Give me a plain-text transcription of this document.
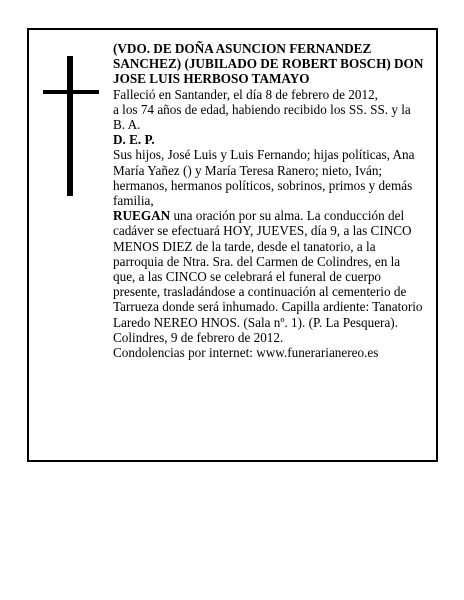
(VDO. DE DOÑA ASUNCION FERNANDEZ SANCHEZ) (JUBILADO DE ROBERT BOSCH) DON JOSE LUIS HERBOSO TAMAYO

Falleció en Santander, el día 8 de febrero de 2012,

a los 74 años de edad, habiendo recibido los SS. SS. y la B. A.

D. E. P.

Sus hijos, José Luis y Luis Fernando; hijas políticas, Ana María Yañez () y María Teresa Ranero; nieto, Iván; hermanos, hermanos políticos, sobrinos, primos y demás familia,

RUEGAN una oración por su alma. La conducción del cadáver se efectuará HOY, JUEVES, día 9, a las CINCO MENOS DIEZ de la tarde, desde el tanatorio, a la parroquia de Ntra. Sra. del Carmen de Colindres, en la que, a las CINCO se celebrará el funeral de cuerpo presente, trasladándose a continuación al cementerio de Tarrueza donde será inhumado. Capilla ardiente: Tanatorio Laredo NEREO HNOS. (Sala nº. 1). (P. La Pesquera).

Colindres, 9 de febrero de 2012.

Condolencias por internet: www.funerarianereo.es
